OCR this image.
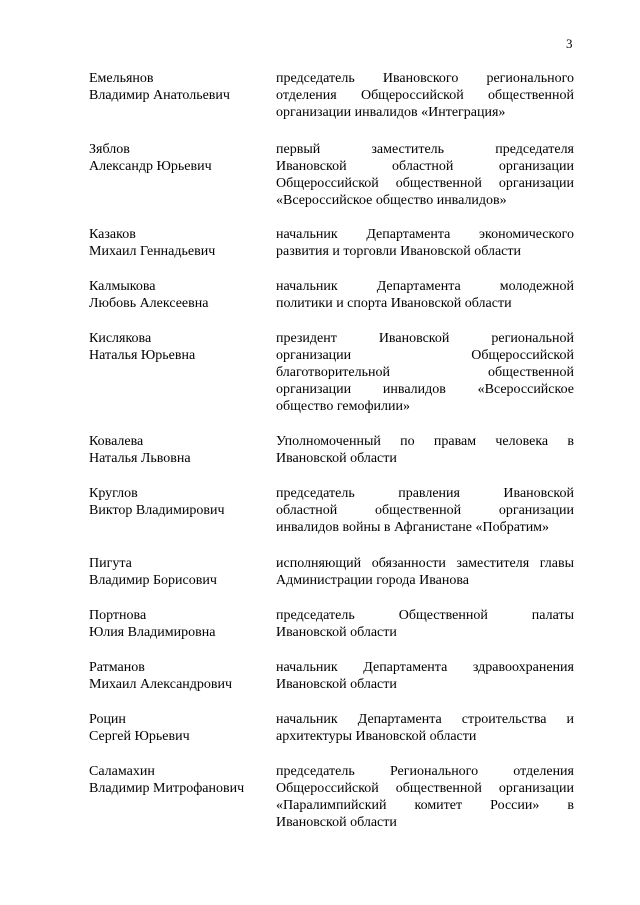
3
Емельянов
Владимир Анатольевич
председатель Ивановского регионального
отделения Общероссийской общественной
организации инвалидов «Интеграция»
Зяблов
Александр Юрьевич
первый заместитель председателя
Ивановской областной организации
Общероссийской общественной организации
«Всероссийское общество инвалидов»
Казаков
Михаил Геннадьевич
начальник Департамента экономического
развития и торговли Ивановской области
Калмыкова
Любовь Алексеевна
начальник Департамента молодежной
политики и спорта Ивановской области
Кислякова
Наталья Юрьевна
президент Ивановской региональной
организации Общероссийской
благотворительной общественной
организации инвалидов «Всероссийское
общество гемофилии»
Ковалева
Наталья Львовна
Уполномоченный по правам человека в
Ивановской области
Круглов
Виктор Владимирович
председатель правления Ивановской
областной общественной организации
инвалидов войны в Афганистане «Побратим»
Пигута
Владимир Борисович
исполняющий обязанности заместителя главы
Администрации города Иванова
Портнова
Юлия Владимировна
председатель Общественной палаты
Ивановской области
Ратманов
Михаил Александрович
начальник Департамента здравоохранения
Ивановской области
Роцин
Сергей Юрьевич
начальник Департамента строительства и
архитектуры Ивановской области
Саламахин
Владимир Митрофанович
председатель Регионального отделения
Общероссийской общественной организации
«Паралимпийский комитет России» в
Ивановской области
